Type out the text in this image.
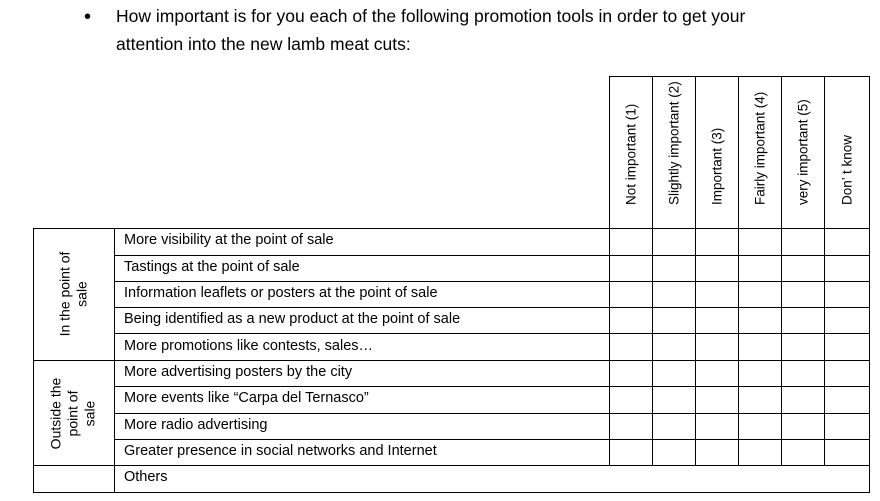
• How important is for you each of the following promotion tools in order to get your
attention into the new lamb meat cuts:
Not important (1) Slightly important (2) Important (3) Fairly important (4) very important (5) Don’ t know
In the point of sale
Outside the point of sale
More visibility at the point of sale
Tastings at the point of sale
Information leaflets or posters at the point of sale
Being identified as a new product at the point of sale
More promotions like contests, sales…
More advertising posters by the city
More events like “Carpa del Ternasco”
More radio advertising
Greater presence in social networks and Internet
Others
